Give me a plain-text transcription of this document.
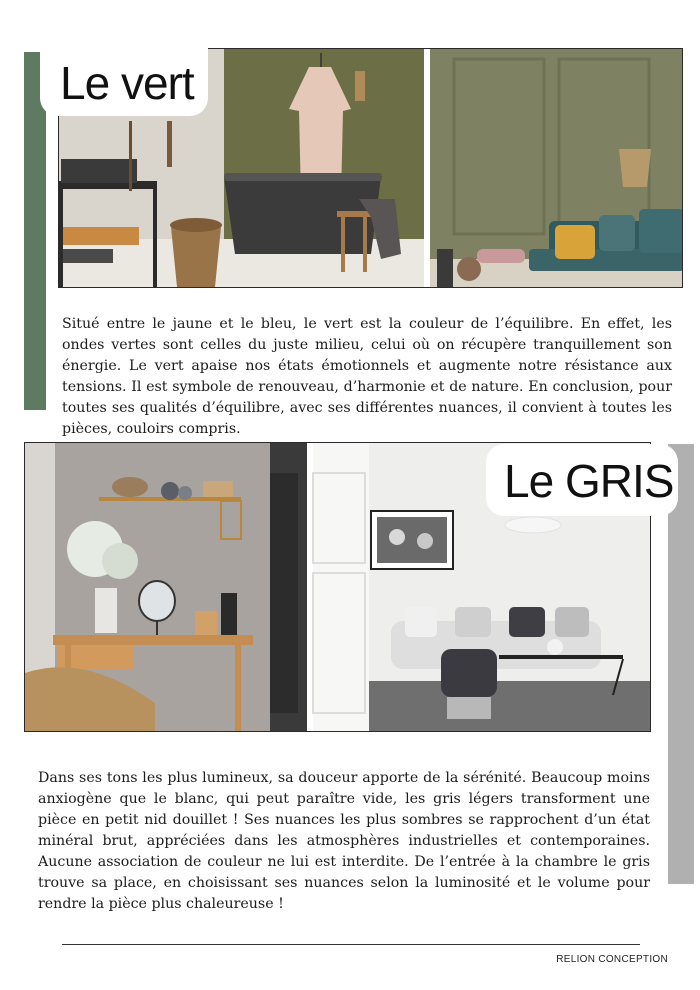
Le vert
Situé entre le jaune et le bleu, le vert est la couleur de l’équilibre. En effet, les ondes vertes sont celles du juste milieu, celui où on récupère tranquillement son énergie. Le vert apaise nos états émotionnels et augmente notre résistance aux tensions. Il est symbole de renouveau, d’harmonie et de nature. En conclusion, pour toutes ses qualités d’équilibre, avec ses différentes nuances, il convient à toutes les pièces, couloirs compris.
Le GRIS
Dans ses tons les plus lumineux, sa douceur apporte de la sérénité. Beaucoup moins anxiogène que le blanc, qui peut paraître vide, les gris légers transforment une pièce en petit nid douillet ! Ses nuances les plus sombres se rapprochent d’un état minéral brut, appréciées dans les atmosphères industrielles et contemporaines. Aucune association de couleur ne lui est interdite. De l’entrée à la chambre le gris trouve sa place, en choisissant ses nuances selon la luminosité et le volume pour rendre la pièce plus chaleureuse !
RELION CONCEPTION
